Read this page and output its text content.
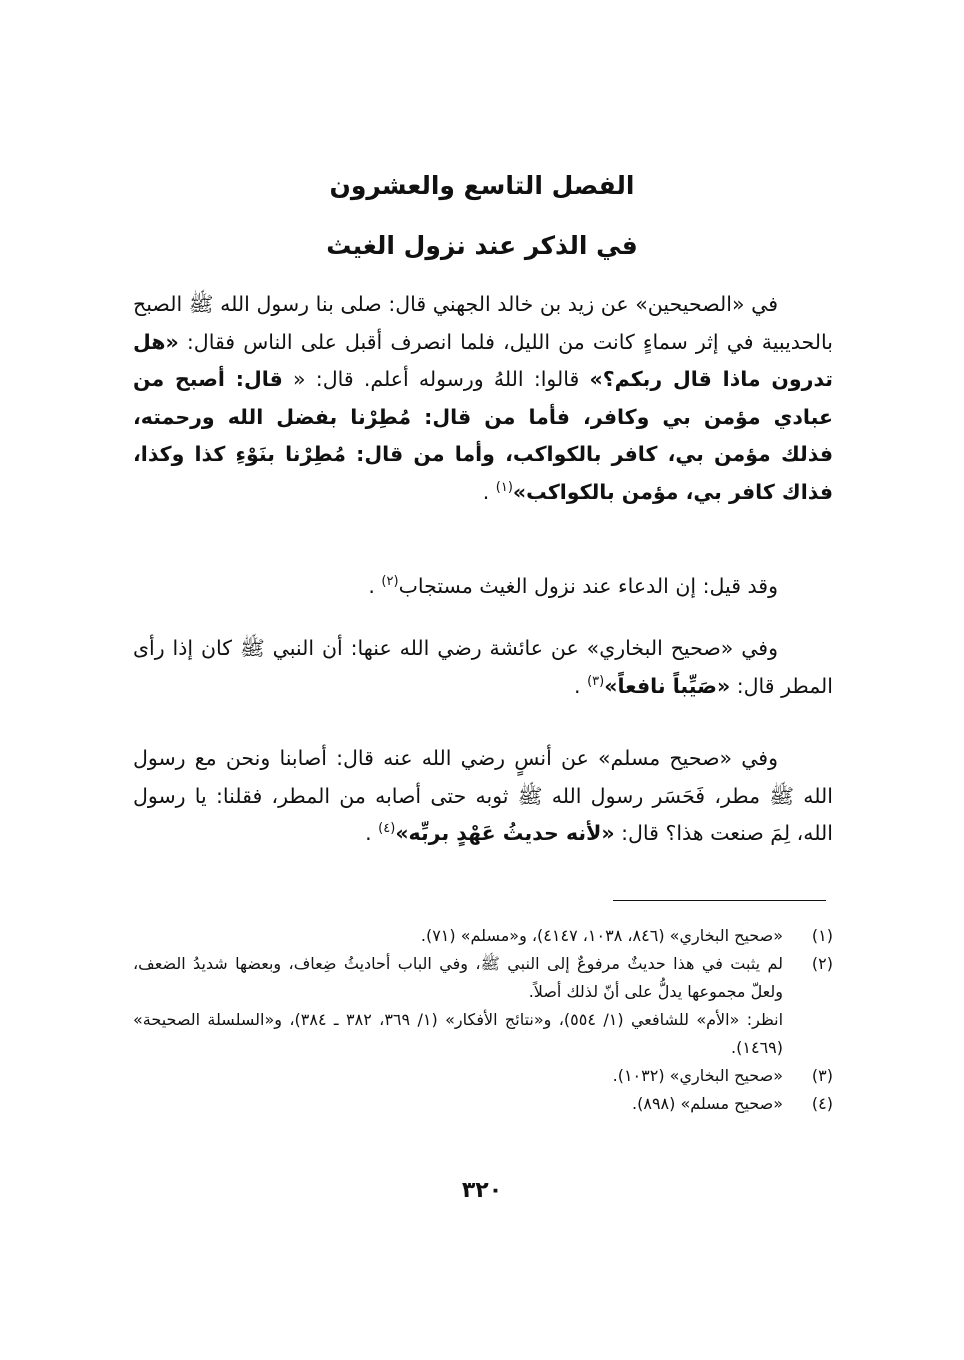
الفصل التاسع والعشرون
في الذكر عند نزول الغيث

في «الصحيحين» عن زيد بن خالد الجهني قال: صلى بنا رسول الله ﷺ الصبح بالحديبية في إثر سماءٍ كانت من الليل، فلما انصرف أقبل على الناس فقال: «هل تدرون ماذا قال ربكم؟» قالوا: اللهُ ورسوله أعلم. قال: « قال: أصبح من عبادي مؤمن بي وكافر، فأما من قال: مُطِرْنا بفضل الله ورحمته، فذلك مؤمن بي، كافر بالكواكب، وأما من قال: مُطِرْنا بنَوْءِ كذا وكذا، فذاك كافر بي، مؤمن بالكواكب»$^{(١)}$ .

وقد قيل: إن الدعاء عند نزول الغيث مستجاب$^{(٢)}$ .

وفي «صحيح البخاري» عن عائشة رضي الله عنها: أن النبي ﷺ كان إذا رأى المطر قال: «صَيِّباً نافعاً»$^{(٣)}$ .

وفي «صحيح مسلم» عن أنسٍ رضي الله عنه قال: أصابنا ونحن مع رسول الله ﷺ مطر، فَحَسَر رسول الله ﷺ ثوبه حتى أصابه من المطر، فقلنا: يا رسول الله، لِمَ صنعت هذا؟ قال: «لأنه حديثُ عَهْدٍ بربِّه»$^{(٤)}$ .

(١)

«صحيح البخاري» (٨٤٦، ١٠٣٨، ٤١٤٧)، و«مسلم» (٧١).

(٢)

لم يثبت في هذا حديثٌ مرفوعٌ إلى النبي ﷺ، وفي الباب أحاديثُ ضِعاف، وبعضها شديدُ الضعف، ولعلّ مجموعها يدلُّ على أنّ لذلك أصلاً.

انظر: «الأم» للشافعي (١/ ٥٥٤)، و«نتائج الأفكار» (١/ ٣٦٩، ٣٨٢ ـ ٣٨٤)، و«السلسلة الصحيحة» (١٤٦٩).

(٣)

«صحيح البخاري» (١٠٣٢).

(٤)

«صحيح مسلم» (٨٩٨).

٣٢٠
